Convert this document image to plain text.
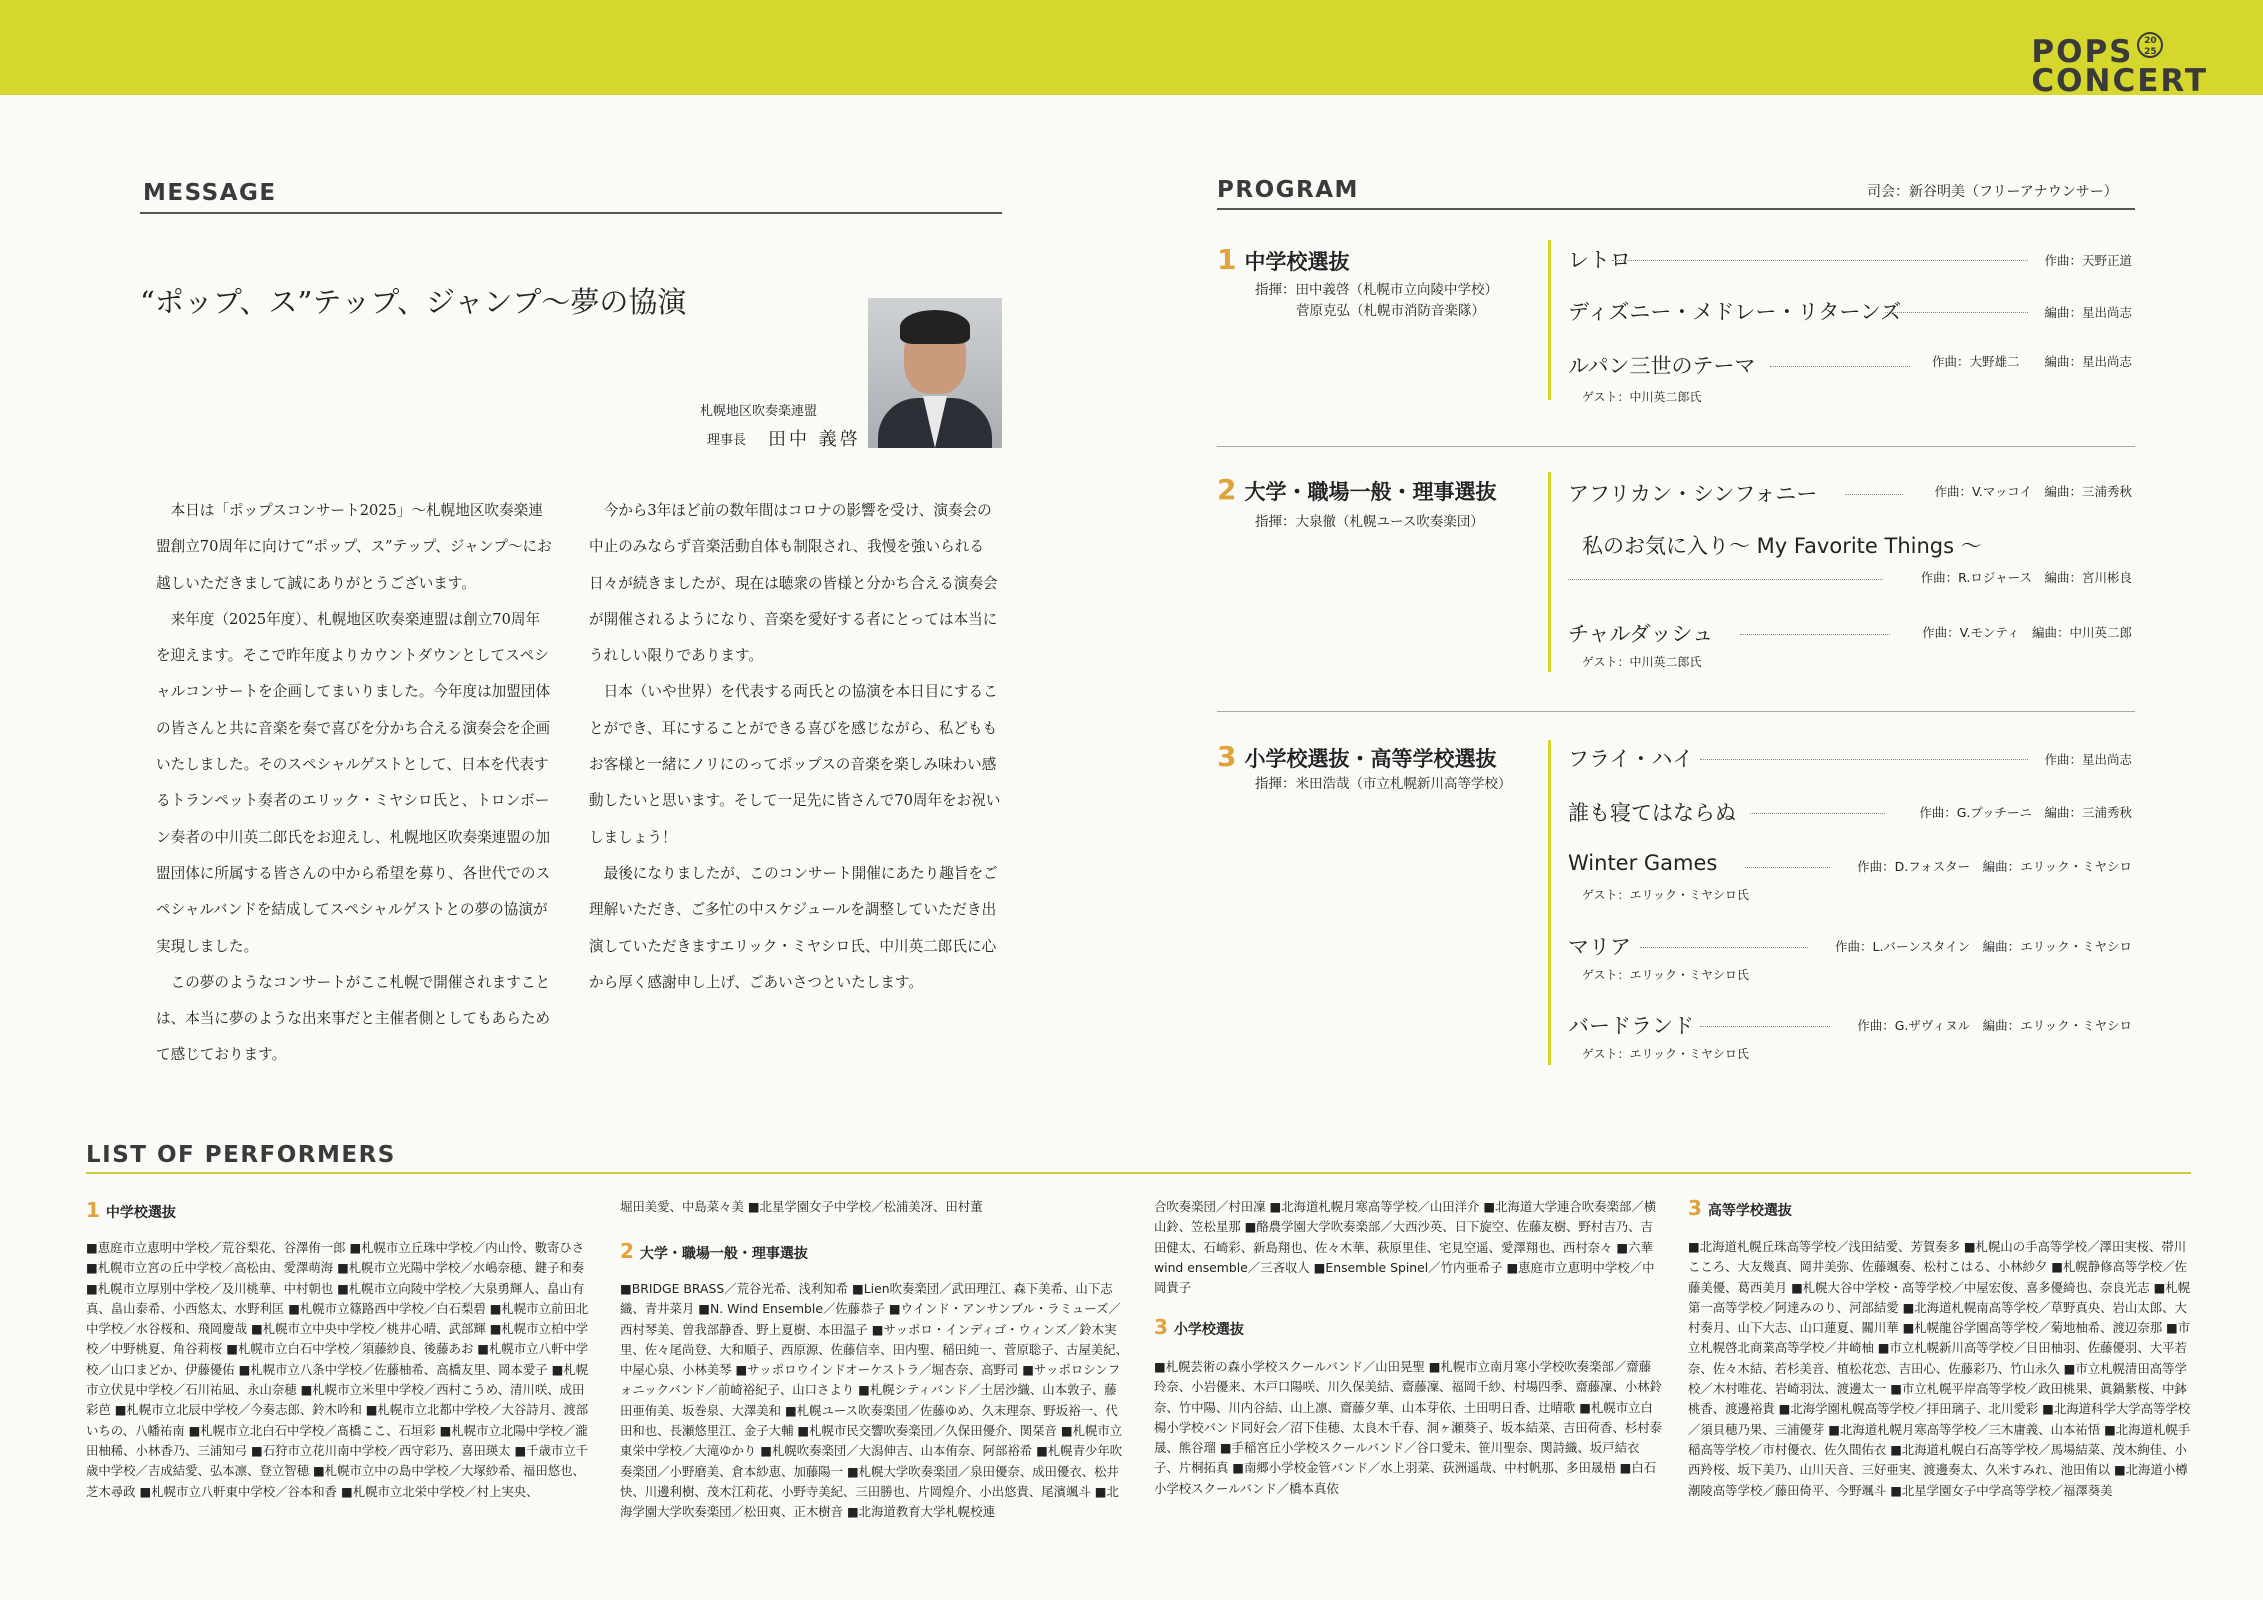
POPS
CONCERT
20 25
MESSAGE
“ポップ、ス”テップ、ジャンプ～夢の協演
札幌地区吹奏楽連盟
理事長 田中 義啓

本日は「ポップスコンサート2025」～札幌地区吹奏楽連盟創立70周年に向けて“ポップ、ス”テップ、ジャンプ～にお越しいただきまして誠にありがとうございます。

来年度（2025年度）、札幌地区吹奏楽連盟は創立70周年を迎えます。そこで昨年度よりカウントダウンとしてスペシャルコンサートを企画してまいりました。今年度は加盟団体の皆さんと共に音楽を奏で喜びを分かち合える演奏会を企画いたしました。そのスペシャルゲストとして、日本を代表するトランペット奏者のエリック・ミヤシロ氏と、トロンボーン奏者の中川英二郎氏をお迎えし、札幌地区吹奏楽連盟の加盟団体に所属する皆さんの中から希望を募り、各世代でのスペシャルバンドを結成してスペシャルゲストとの夢の協演が実現しました。

この夢のようなコンサートがここ札幌で開催されますことは、本当に夢のような出来事だと主催者側としてもあらためて感じております。

今から3年ほど前の数年間はコロナの影響を受け、演奏会の中止のみならず音楽活動自体も制限され、我慢を強いられる日々が続きましたが、現在は聴衆の皆様と分かち合える演奏会が開催されるようになり、音楽を愛好する者にとっては本当にうれしい限りであります。

日本（いや世界）を代表する両氏との協演を本日目にすることができ、耳にすることができる喜びを感じながら、私どももお客様と一緒にノリにのってポップスの音楽を楽しみ味わい感動したいと思います。そして一足先に皆さんで70周年をお祝いしましょう！

最後になりましたが、このコンサート開催にあたり趣旨をご理解いただき、ご多忙の中スケジュールを調整していただき出演していただきますエリック・ミヤシロ氏、中川英二郎氏に心から厚く感謝申し上げ、ごあいさつといたします。

PROGRAM	司会：新谷明美（フリーアナウンサー）
1 中学校選抜
指揮：田中義啓（札幌市立向陵中学校）
菅原克弘（札幌市消防音楽隊）
レトロ	作曲：天野正道
ディズニー・メドレー・リターンズ	編曲：星出尚志
ルパン三世のテーマ	作曲：大野雄二　　編曲：星出尚志
ゲスト：中川英二郎氏
2 大学・職場一般・理事選抜
指揮：大泉徹（札幌ユース吹奏楽団）
アフリカン・シンフォニー	作曲：V.マッコイ　編曲：三浦秀秋
私のお気に入り～ My Favorite Things ～
作曲：R.ロジャース　編曲：宮川彬良
チャルダッシュ	作曲：V.モンティ　編曲：中川英二郎
ゲスト：中川英二郎氏
3 小学校選抜・高等学校選抜
指揮：米田浩哉（市立札幌新川高等学校）
フライ・ハイ	作曲：星出尚志
誰も寝てはならぬ	作曲：G.プッチーニ　編曲：三浦秀秋
Winter Games	作曲：D.フォスター　編曲：エリック・ミヤシロ
ゲスト：エリック・ミヤシロ氏
マリア	作曲：L.バーンスタイン　編曲：エリック・ミヤシロ
ゲスト：エリック・ミヤシロ氏
バードランド	作曲：G.ザヴィヌル　編曲：エリック・ミヤシロ
ゲスト：エリック・ミヤシロ氏
LIST OF PERFORMERS
1 中学校選抜
■恵庭市立恵明中学校／荒谷梨花、谷澤侑一郎 ■札幌市立丘珠中学校／内山怜、數寄ひさ ■札幌市立宮の丘中学校／高松由、愛澤萌海 ■札幌市立光陽中学校／水嶋奈穂、鍵子和奏 ■札幌市立厚別中学校／及川桃華、中村朝也 ■札幌市立向陵中学校／大泉勇輝人、畠山有真、畠山泰希、小西悠太、水野利匡 ■札幌市立篠路西中学校／白石梨碧 ■札幌市立前田北中学校／水谷桜和、飛岡慶哉 ■札幌市立中央中学校／桃井心晴、武部輝 ■札幌市立柏中学校／中野桃夏、角谷莉桜 ■札幌市立白石中学校／須藤紗良、後藤あお ■札幌市立八軒中学校／山口まどか、伊藤優佑 ■札幌市立八条中学校／佐藤柚希、高橋友里、岡本愛子 ■札幌市立伏見中学校／石川祐凪、永山奈穂 ■札幌市立米里中学校／西村こうめ、清川咲、成田彩芭 ■札幌市立北辰中学校／今奏志郎、鈴木吟和 ■札幌市立北都中学校／大谷詩月、渡部いちの、八幡祐南 ■札幌市立北白石中学校／髙橋ここ、石垣彩 ■札幌市立北陽中学校／瀧田柚稀、小林香乃、三浦知弓 ■石狩市立花川南中学校／西守彩乃、喜田瑛太 ■千歳市立千歳中学校／吉成結愛、弘本凛、登立智穂 ■札幌市立中の島中学校／大塚紗希、福田悠也、芝木尋政 ■札幌市立八軒東中学校／谷本和香 ■札幌市立北栄中学校／村上実央、
堀田美愛、中島菜々美 ■北星学園女子中学校／松浦美冴、田村董
2 大学・職場一般・理事選抜
■BRIDGE BRASS／荒谷光希、浅利知希 ■Lien吹奏楽団／武田理江、森下美希、山下志織、青井菜月 ■N. Wind Ensemble／佐藤恭子 ■ウインド・アンサンブル・ラミューズ／西村琴美、曽我部静香、野上夏樹、本田温子 ■サッポロ・インディゴ・ウィンズ／鈴木実里、佐々尾尚登、大和順子、西原源、佐藤信幸、田内聖、稲田純一、菅原聡子、古屋美紀、中屋心泉、小林美琴 ■サッポロウインドオーケストラ／堀杏奈、高野司 ■サッポロシンフォニックバンド／前崎裕紀子、山口さより ■札幌シティバンド／土居沙織、山本敦子、藤田亜侑美、坂巻泉、大澤美和 ■札幌ユース吹奏楽団／佐藤ゆめ、久末理奈、野坂裕一、代田和也、長瀬悠里江、金子大輔 ■札幌市民交響吹奏楽団／久保田優介、関栞音 ■札幌市立東栄中学校／大滝ゆかり ■札幌吹奏楽団／大潟伸吉、山本侑奈、阿部裕希 ■札幌青少年吹奏楽団／小野磨美、倉本紗恵、加藤陽一 ■札幌大学吹奏楽団／泉田優奈、成田優衣、松井快、川邊利樹、茂木江莉花、小野寺美紀、三田勝也、片岡煌介、小出悠貴、尾濱颯斗 ■北海学園大学吹奏楽団／松田爽、正木樹音 ■北海道教育大学札幌校連
合吹奏楽団／村田凜 ■北海道札幌月寒高等学校／山田洋介 ■北海道大学連合吹奏楽部／横山鈴、笠松星那 ■酪農学園大学吹奏楽部／大西沙英、日下旋空、佐藤友樹、野村吉乃、吉田健太、石崎彩、新島翔也、佐々木華、萩原里佳、宅見空遥、愛澤翔也、西村奈々 ■六華wind ensemble／三吝収人 ■Ensemble Spinel／竹内亜希子 ■恵庭市立恵明中学校／中岡貴子
3 小学校選抜
■札幌芸術の森小学校スクールバンド／山田晃聖 ■札幌市立南月寒小学校吹奏楽部／齋藤玲奈、小岩優来、木戸口陽咲、川久保美結、齋藤凜、福岡千紗、村場四季、齋藤凜、小林鈴奈、竹中陽、川内谷結、山上凛、齋藤夕華、山本芽依、土田明日香、辻晴歌 ■札幌市立白楊小学校バンド同好会／沼下佳穂、太良木千春、洞ヶ瀬葵子、坂本結菜、吉田荷香、杉村泰晟、熊谷瑠 ■手稲宮丘小学校スクールバンド／谷口愛未、笹川聖奈、関詩織、坂戸結衣子、片桐拓真 ■南郷小学校金管バンド／水上羽菜、荻洲遥哉、中村帆那、多田晟梧 ■白石小学校スクールバンド／橋本真依
3 高等学校選抜
■北海道札幌丘珠高等学校／浅田結愛、芳賀奏多 ■札幌山の手高等学校／澤田実桜、帯川こころ、大友幾真、岡井美弥、佐藤颯奏、松村こはる、小林紗夕 ■札幌静修高等学校／佐藤美優、葛西美月 ■札幌大谷中学校・高等学校／中屋宏俊、喜多優綺也、奈良光志 ■札幌第一高等学校／阿達みのり、河部結愛 ■北海道札幌南高等学校／草野真央、岩山太郎、大村奏月、山下大志、山口蓮夏、關川華 ■札幌龍谷学園高等学校／菊地柚希、渡辺奈那 ■市立札幌啓北商業高等学校／井崎柚 ■市立札幌新川高等学校／日田柚羽、佐藤優羽、大平若奈、佐々木結、若杉美音、植松花恋、吉田心、佐藤彩乃、竹山永久 ■市立札幌清田高等学校／木村唯花、岩崎羽汰、渡邊太一 ■市立札幌平岸高等学校／政田桃果、眞鍋紫桜、中鉢桃香、渡邊裕貴 ■北海学園札幌高等学校／拝田璃子、北川愛彩 ■北海道科学大学高等学校／須貝穂乃果、三浦優芽 ■北海道札幌月寒高等学校／三木庸義、山本祐悟 ■北海道札幌手稲高等学校／市村優衣、佐久間佑衣 ■北海道札幌白石高等学校／馬場結菜、茂木絢佳、小西羚桜、坂下美乃、山川天音、三好亜実、渡邊奏太、久米すみれ、池田侑以 ■北海道小樽潮陵高等学校／藤田倚平、今野颯斗 ■北星学園女子中学高等学校／福澤葵美
